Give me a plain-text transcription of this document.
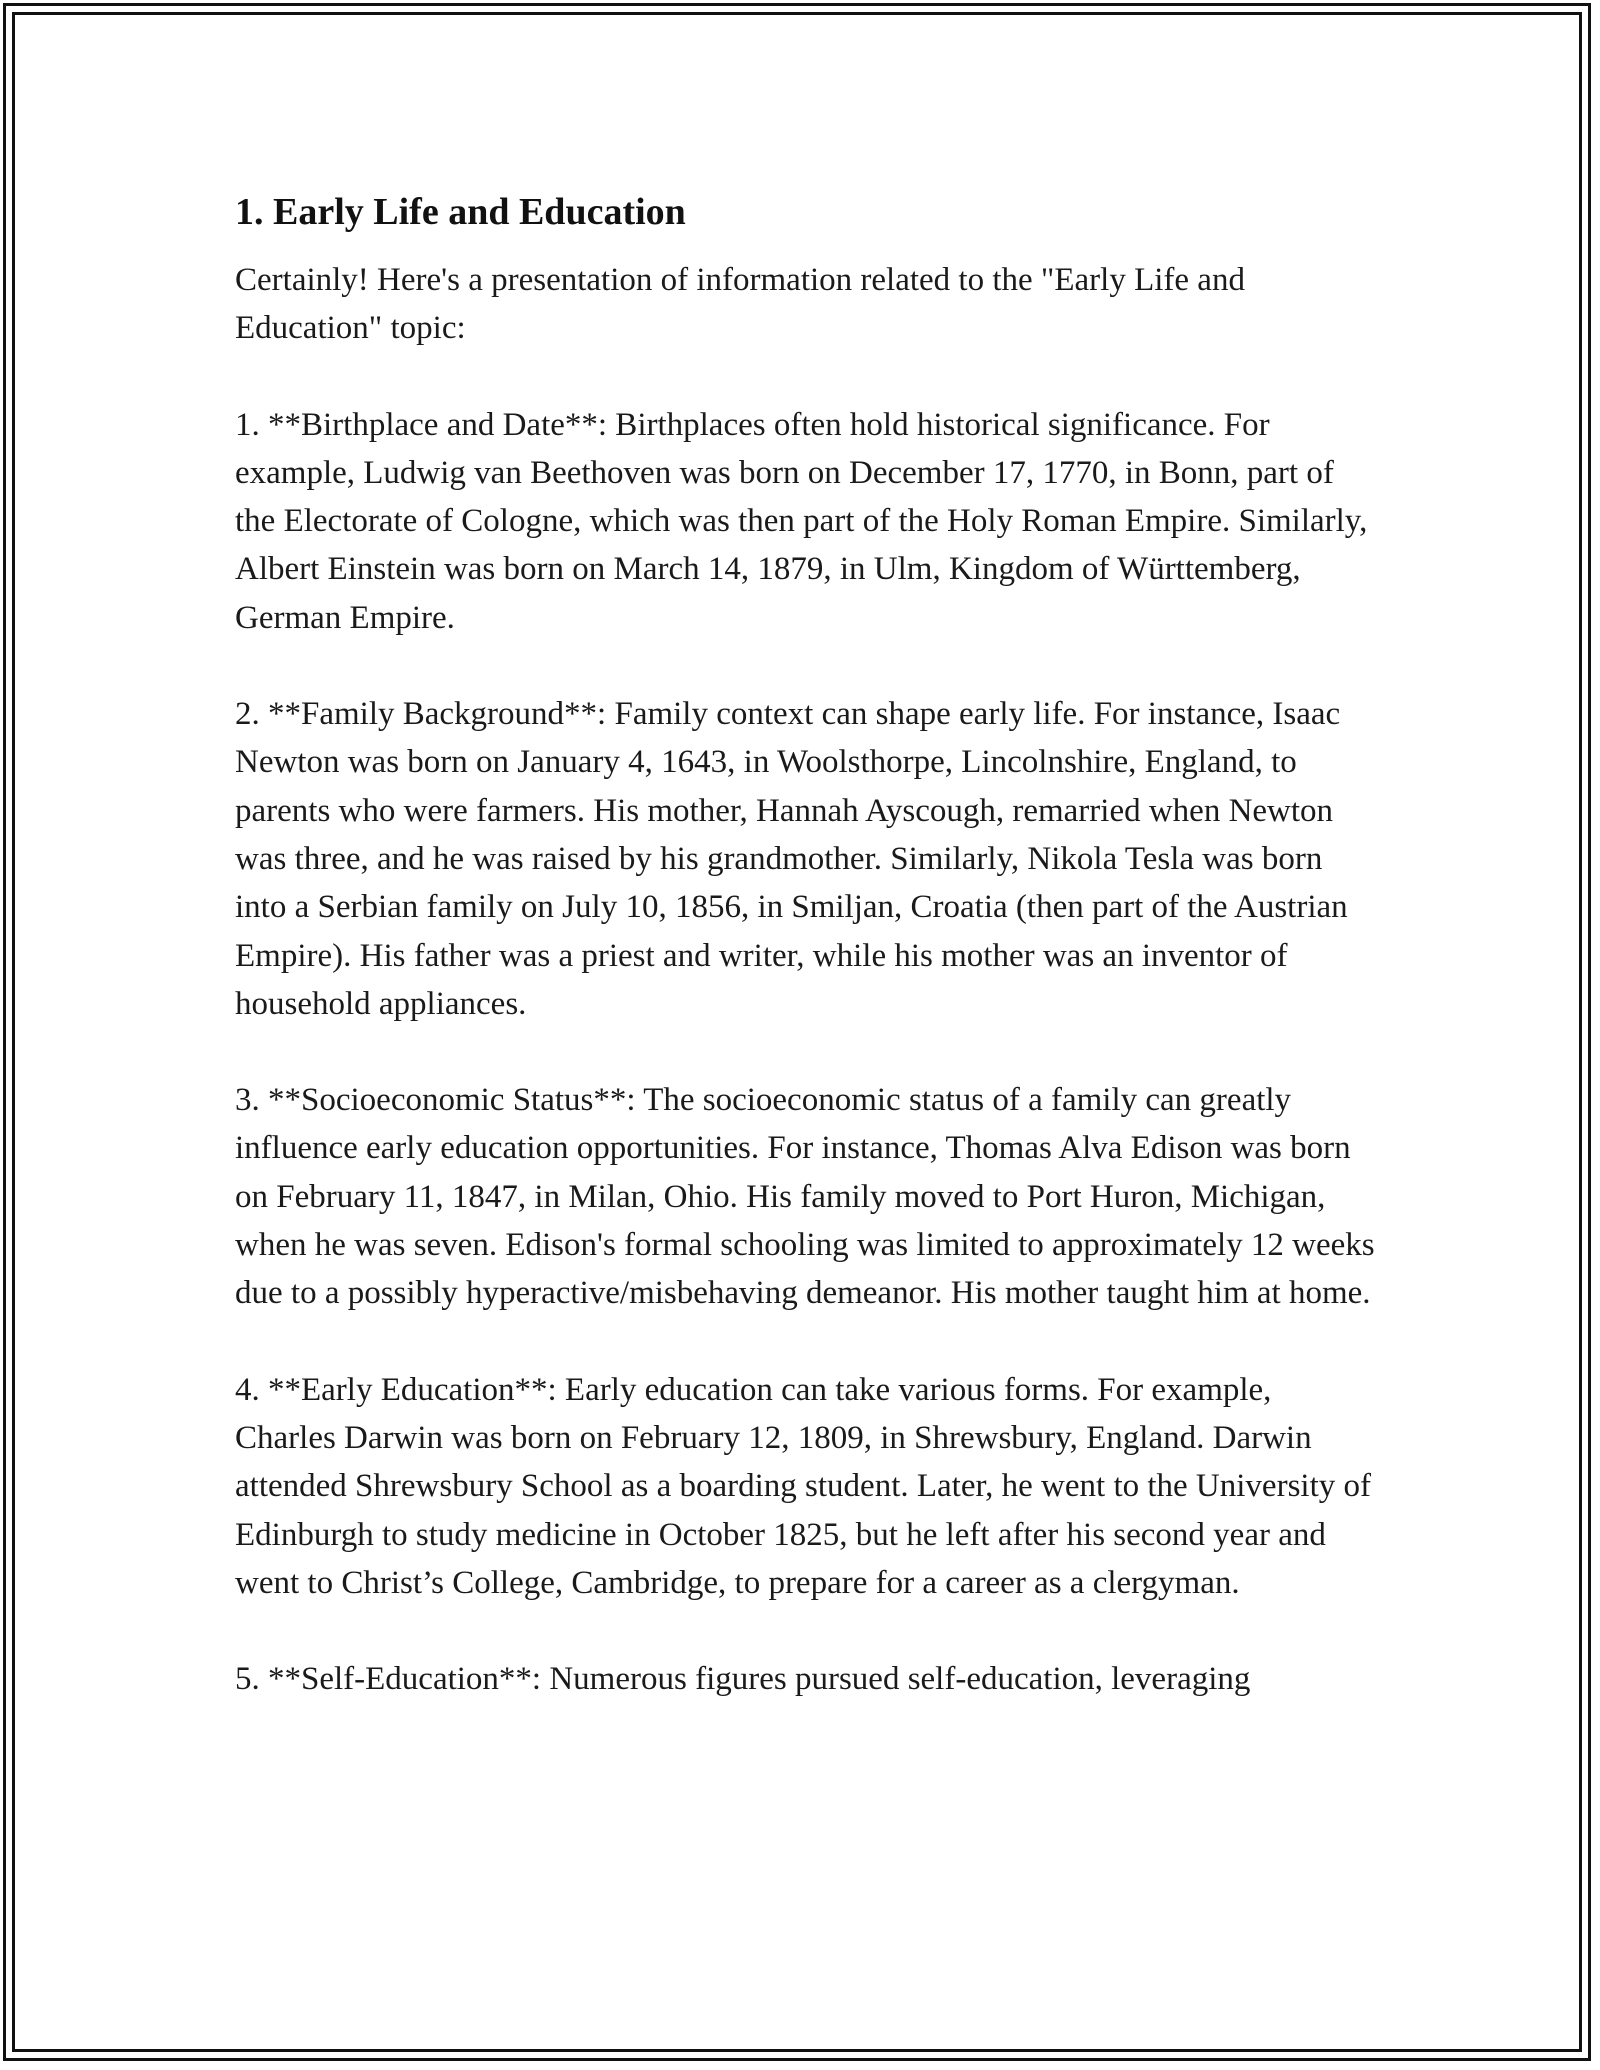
1. Early Life and Education

Certainly! Here's a presentation of information related to the "Early Life and Education" topic:

1. **Birthplace and Date**: Birthplaces often hold historical significance. For example, Ludwig van Beethoven was born on December 17, 1770, in Bonn, part of the Electorate of Cologne, which was then part of the Holy Roman Empire. Similarly, Albert Einstein was born on March 14, 1879, in Ulm, Kingdom of Württemberg, German Empire.

2. **Family Background**: Family context can shape early life. For instance, Isaac Newton was born on January 4, 1643, in Woolsthorpe, Lincolnshire, England, to parents who were farmers. His mother, Hannah Ayscough, remarried when Newton was three, and he was raised by his grandmother. Similarly, Nikola Tesla was born into a Serbian family on July 10, 1856, in Smiljan, Croatia (then part of the Austrian Empire). His father was a priest and writer, while his mother was an inventor of household appliances.

3. **Socioeconomic Status**: The socioeconomic status of a family can greatly influence early education opportunities. For instance, Thomas Alva Edison was born on February 11, 1847, in Milan, Ohio. His family moved to Port Huron, Michigan, when he was seven. Edison's formal schooling was limited to approximately 12 weeks due to a possibly hyperactive/misbehaving demeanor. His mother taught him at home.

4. **Early Education**: Early education can take various forms. For example, Charles Darwin was born on February 12, 1809, in Shrewsbury, England. Darwin attended Shrewsbury School as a boarding student. Later, he went to the University of Edinburgh to study medicine in October 1825, but he left after his second year and went to Christ’s College, Cambridge, to prepare for a career as a clergyman.

5. **Self-Education**: Numerous figures pursued self-education, leveraging
